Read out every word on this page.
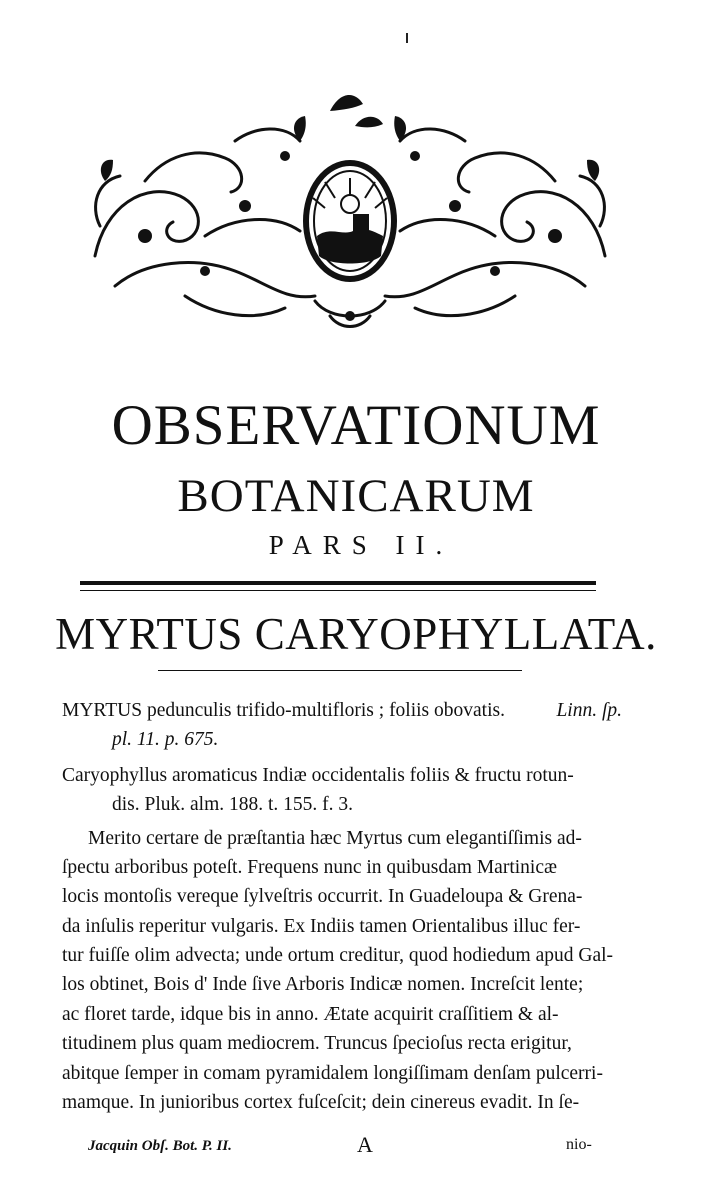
OBSERVATIONUM
BOTANICARUM
PARS II.
MYRTUS CARYOPHYLLATA.
MYRTUS pedunculis trifido-multifloris ; foliis obovatis.	Linn. ſp.
pl. 11. p. 675.
Caryophyllus aromaticus Indiæ occidentalis foliis & fructu rotun-
dis. Pluk. alm. 188. t. 155. f. 3.
Merito certare de præſtantia hæc Myrtus cum elegantiſſimis ad-
ſpectu arboribus poteſt. Frequens nunc in quibusdam Martinicæ
locis montoſis vereque ſylveſtris occurrit. In Guadeloupa & Grena-
da inſulis reperitur vulgaris. Ex Indiis tamen Orientalibus illuc fer-
tur fuiſſe olim advecta; unde ortum creditur, quod hodiedum apud Gal-
los obtinet, Bois d' Inde ſive Arboris Indicæ nomen. Increſcit lente;
ac floret tarde, idque bis in anno. Ætate acquirit craſſitiem & al-
titudinem plus quam mediocrem. Truncus ſpecioſus recta erigitur,
abitque ſemper in comam pyramidalem longiſſimam denſam pulcerri-
mamque. In junioribus cortex fuſceſcit; dein cinereus evadit. In ſe-
Jacquin Obſ. Bot. P. II.	A	nio-
